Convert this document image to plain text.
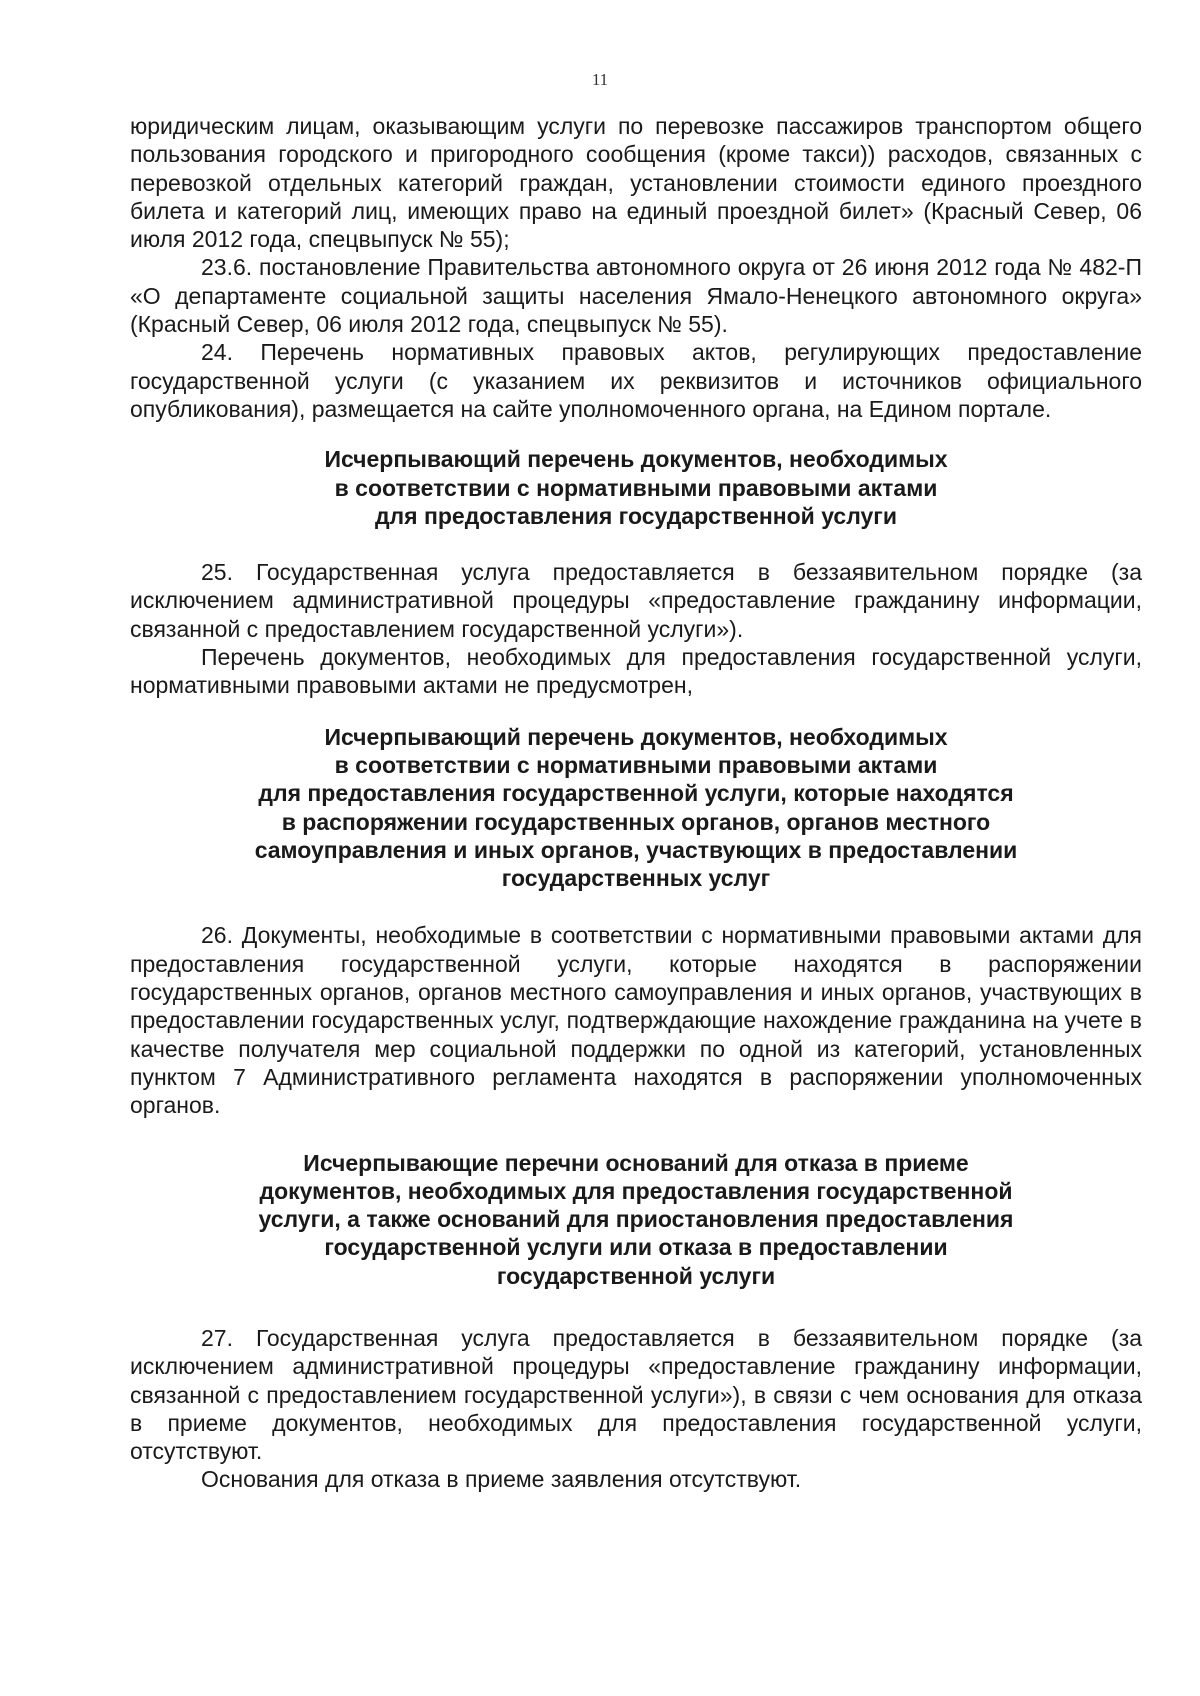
11

юридическим лицам, оказывающим услуги по перевозке пассажиров транспортом общего пользования городского и пригородного сообщения (кроме такси)) расходов, связанных с перевозкой отдельных категорий граждан, установлении стоимости единого проездного билета и категорий лиц, имеющих право на единый проездной билет» (Красный Север, 06 июля 2012 года, спецвыпуск № 55);

23.6. постановление Правительства автономного округа от 26 июня 2012 года № 482-П «О департаменте социальной защиты населения Ямало-Ненецкого автономного округа» (Красный Север, 06 июля 2012 года, спецвыпуск № 55).

24. Перечень нормативных правовых актов, регулирующих предоставление государственной услуги (с указанием их реквизитов и источников официального опубликования), размещается на сайте уполномоченного органа, на Едином портале.

Исчерпывающий перечень документов, необходимых
в соответствии с нормативными правовыми актами
для предоставления государственной услуги

25. Государственная услуга предоставляется в беззаявительном порядке (за исключением административной процедуры «предоставление гражданину информации, связанной с предоставлением государственной услуги»).

Перечень документов, необходимых для предоставления государственной услуги, нормативными правовыми актами не предусмотрен,

Исчерпывающий перечень документов, необходимых
в соответствии с нормативными правовыми актами
для предоставления государственной услуги, которые находятся
в распоряжении государственных органов, органов местного
самоуправления и иных органов, участвующих в предоставлении
государственных услуг

26. Документы, необходимые в соответствии с нормативными правовыми актами для предоставления государственной услуги, которые находятся в распоряжении государственных органов, органов местного самоуправления и иных органов, участвующих в предоставлении государственных услуг, подтверждающие нахождение гражданина на учете в качестве получателя мер социальной поддержки по одной из категорий, установленных пунктом 7 Административного регламента находятся в распоряжении уполномоченных органов.

Исчерпывающие перечни оснований для отказа в приеме
документов, необходимых для предоставления государственной
услуги, а также оснований для приостановления предоставления
государственной услуги или отказа в предоставлении
государственной услуги

27. Государственная услуга предоставляется в беззаявительном порядке (за исключением административной процедуры «предоставление гражданину информации, связанной с предоставлением государственной услуги»), в связи с чем основания для отказа в приеме документов, необходимых для предоставления государственной услуги, отсутствуют.

Основания для отказа в приеме заявления отсутствуют.
